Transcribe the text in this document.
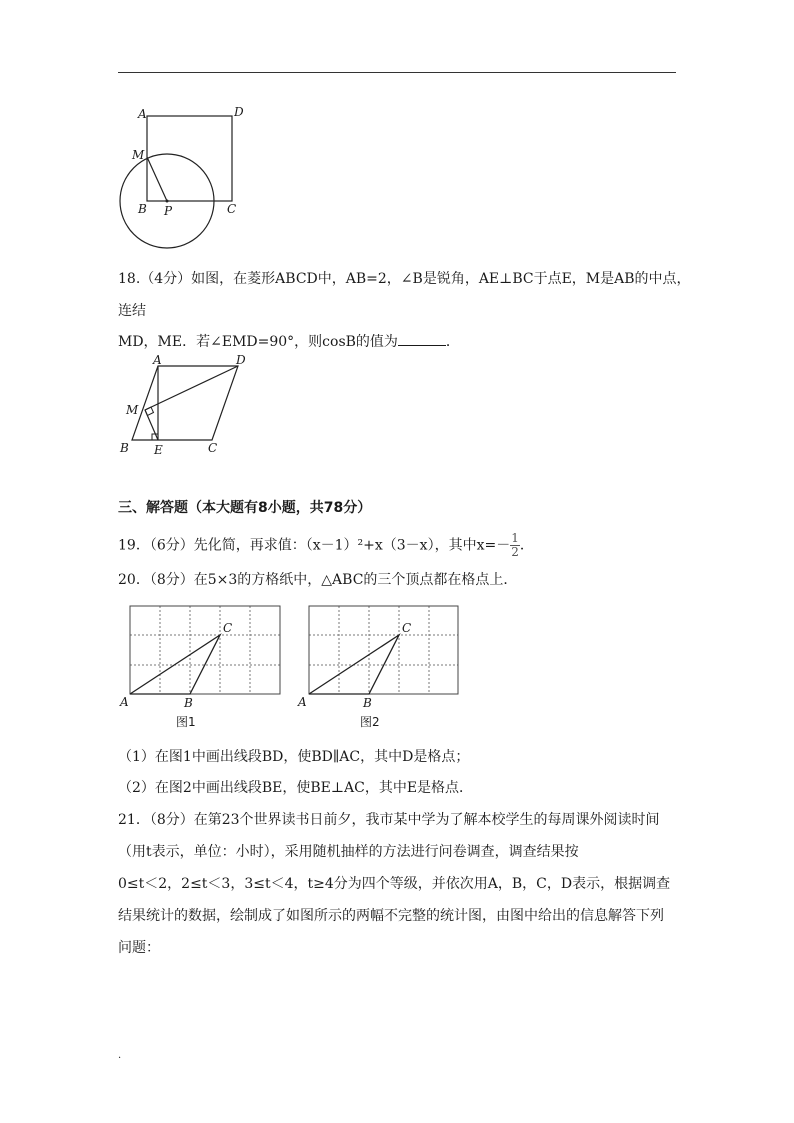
A	D
M
B P	C
18.（4分）如图，在菱形ABCD中，AB=2，∠B是锐角，AE⊥BC于点E，M是AB的中点，
连结
MD，ME．若∠EMD=90°，则cosB的值为	．
A	D
M
B E	C
三、解答题（本大题有8小题，共78分）
19．（6分）先化简，再求值：（x－1）²+x（3－x），其中$x=- \frac{1}{2}$ ．
20．（8分）在5×3的方格纸中，△ABC的三个顶点都在格点上．
A	B
C
图1
A	B
C
图2
（1）在图1中画出线段BD，使BD∥AC，其中D是格点；
（2）在图2中画出线段BE，使BE⊥AC，其中E是格点．
21．（8分）在第23个世界读书日前夕，我市某中学为了解本校学生的每周课外阅读时间
（用t表示，单位：小时），采用随机抽样的方法进行问卷调查，调查结果按
0≤t＜2，2≤t＜3，3≤t＜4，t≥4分为四个等级，并依次用A，B，C，D表示，根据调查
结果统计的数据，绘制成了如图所示的两幅不完整的统计图，由图中给出的信息解答下列
问题：
.
